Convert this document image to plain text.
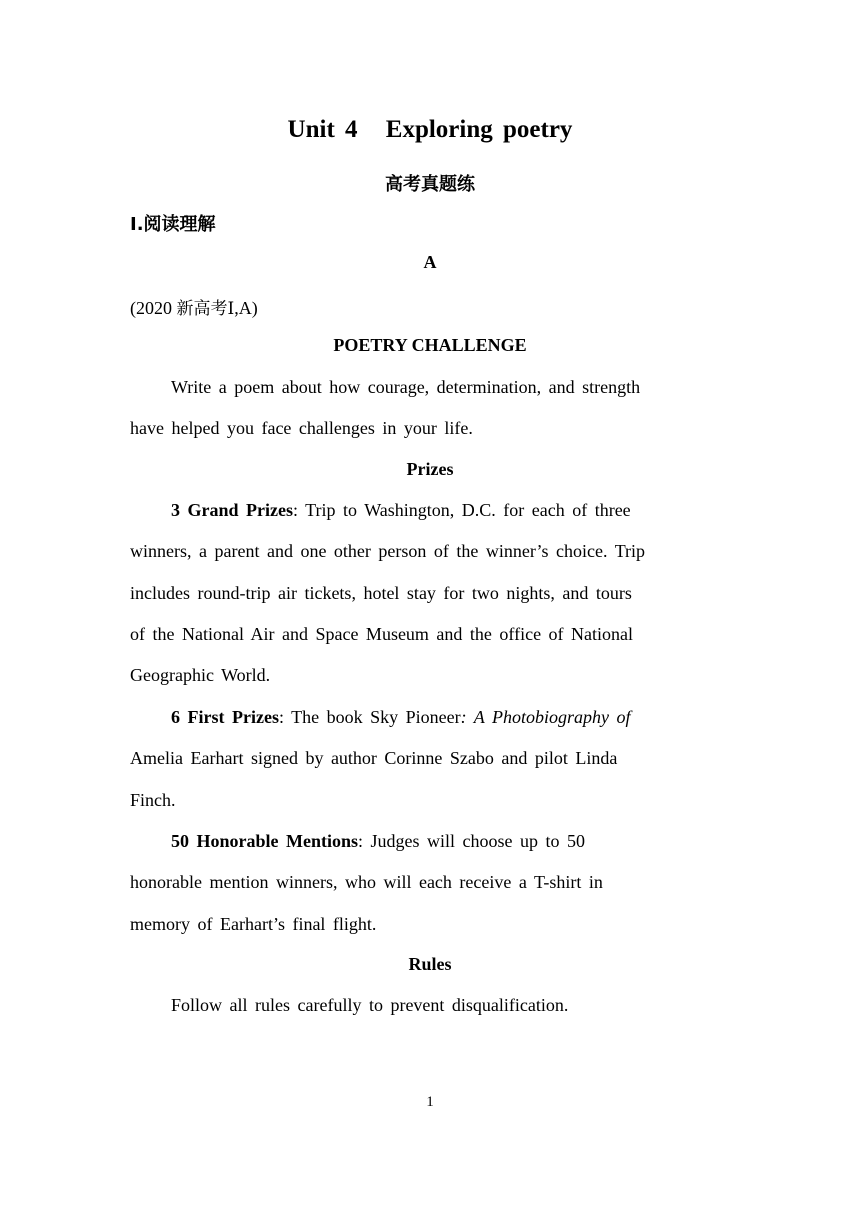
Unit 4 Exploring poetry
高考真题练
Ⅰ.阅读理解
A
(2020 新高考Ⅰ,A)
POETRY CHALLENGE
Write a poem about how courage, determination, and strength
have helped you face challenges in your life.
Prizes
3 Grand Prizes: Trip to Washington, D.C. for each of three
winners, a parent and one other person of the winner’s choice. Trip
includes round-trip air tickets, hotel stay for two nights, and tours
of the National Air and Space Museum and the office of National
Geographic World.
6 First Prizes: The book Sky Pioneer: A Photobiography of
Amelia Earhart signed by author Corinne Szabo and pilot Linda
Finch.
50 Honorable Mentions: Judges will choose up to 50
honorable mention winners, who will each receive a T-shirt in
memory of Earhart’s final flight.
Rules
Follow all rules carefully to prevent disqualification.
1
